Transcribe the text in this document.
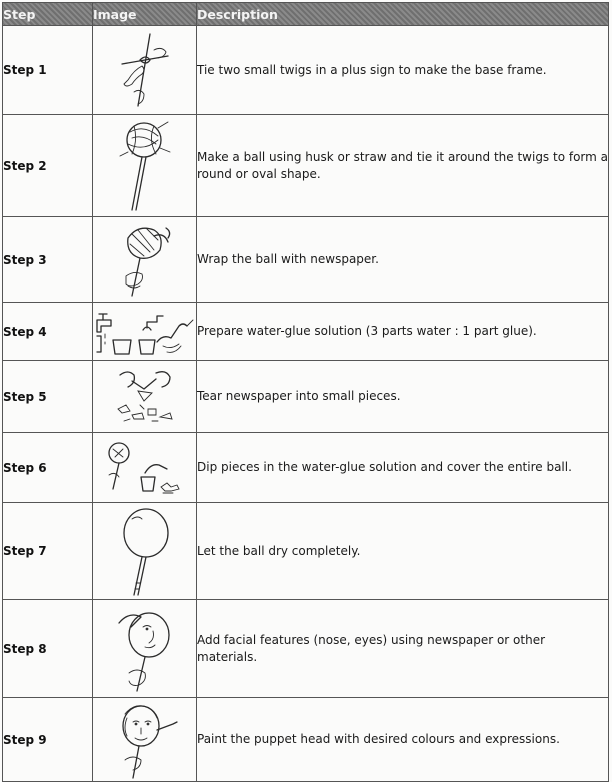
Step	Image	Description
Step 1		Tie two small twigs in a plus sign to make the base frame.
Step 2		Make a ball using husk or straw and tie it around the twigs to form a round or oval shape.
Step 3		Wrap the ball with newspaper.
Step 4		Prepare water-glue solution (3 parts water : 1 part glue).
Step 5		Tear newspaper into small pieces.
Step 6		Dip pieces in the water-glue solution and cover the entire ball.
Step 7		Let the ball dry completely.
Step 8		Add facial features (nose, eyes) using newspaper or other materials.
Step 9		Paint the puppet head with desired colours and expressions.
